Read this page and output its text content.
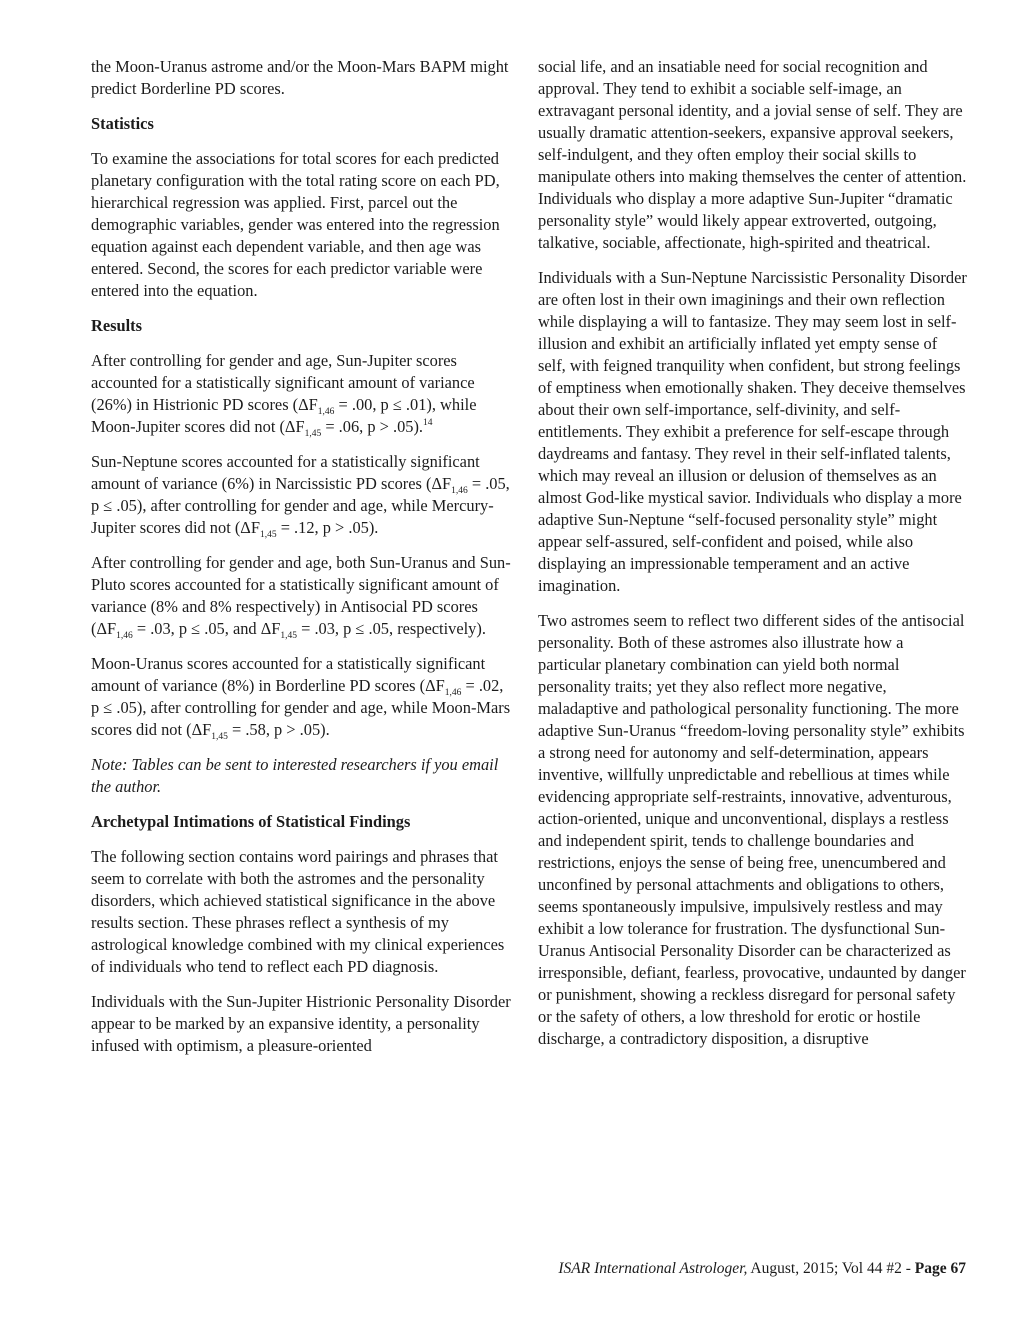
the Moon-Uranus astrome and/or the Moon-Mars BAPM might predict Borderline PD scores.

Statistics

To examine the associations for total scores for each predicted planetary configuration with the total rating score on each PD, hierarchical regression was applied. First, parcel out the demographic variables, gender was entered into the regression equation against each dependent variable, and then age was entered. Second, the scores for each predictor variable were entered into the equation.

Results

After controlling for gender and age, Sun-Jupiter scores accounted for a statistically significant amount of variance (26%) in Histrionic PD scores ($\Delta F_{1,46} = .00$, p ≤ .01), while Moon-Jupiter scores did not ($\Delta F_{1,45} = .06$, p > .05).$^{14}$

Sun-Neptune scores accounted for a statistically significant amount of variance (6%) in Narcissistic PD scores ($\Delta F_{1,46} = .05$, p ≤ .05), after controlling for gender and age, while Mercury-Jupiter scores did not ($\Delta F_{1,45} = .12$, p > .05).

After controlling for gender and age, both Sun-Uranus and Sun-Pluto scores accounted for a statistically significant amount of variance (8% and 8% respectively) in Antisocial PD scores ($\Delta F_{1,46} = .03$, p ≤ .05, and $\Delta F_{1,45} = .03$, p ≤ .05, respectively).

Moon-Uranus scores accounted for a statistically significant amount of variance (8%) in Borderline PD scores ($\Delta F_{1,46} = .02$, p ≤ .05), after controlling for gender and age, while Moon-Mars scores did not ($\Delta F_{1,45} = .58$, p > .05).

Note: Tables can be sent to interested researchers if you email the author.

Archetypal Intimations of Statistical Findings

The following section contains word pairings and phrases that seem to correlate with both the astromes and the personality disorders, which achieved statistical significance in the above results section. These phrases reflect a synthesis of my astrological knowledge combined with my clinical experiences of individuals who tend to reflect each PD diagnosis.

Individuals with the Sun-Jupiter Histrionic Personality Disorder appear to be marked by an expansive identity, a personality infused with optimism, a pleasure-oriented

social life, and an insatiable need for social recognition and approval. They tend to exhibit a sociable self-image, an extravagant personal identity, and a jovial sense of self. They are usually dramatic attention-seekers, expansive approval seekers, self-indulgent, and they often employ their social skills to manipulate others into making themselves the center of attention. Individuals who display a more adaptive Sun-Jupiter “dramatic personality style” would likely appear extroverted, outgoing, talkative, sociable, affectionate, high-spirited and theatrical.

Individuals with a Sun-Neptune Narcissistic Personality Disorder are often lost in their own imaginings and their own reflection while displaying a will to fantasize. They may seem lost in self-illusion and exhibit an artificially inflated yet empty sense of self, with feigned tranquility when confident, but strong feelings of emptiness when emotionally shaken. They deceive themselves about their own self-importance, self-divinity, and self-entitlements. They exhibit a preference for self-escape through daydreams and fantasy. They revel in their self-inflated talents, which may reveal an illusion or delusion of themselves as an almost God-like mystical savior. Individuals who display a more adaptive Sun-Neptune “self-focused personality style” might appear self-assured, self-confident and poised, while also displaying an impressionable temperament and an active imagination.

Two astromes seem to reflect two different sides of the antisocial personality. Both of these astromes also illustrate how a particular planetary combination can yield both normal personality traits; yet they also reflect more negative, maladaptive and pathological personality functioning. The more adaptive Sun-Uranus “freedom-loving personality style” exhibits a strong need for autonomy and self-determination, appears inventive, willfully unpredictable and rebellious at times while evidencing appropriate self-restraints, innovative, adventurous, action-oriented, unique and unconventional, displays a restless and independent spirit, tends to challenge boundaries and restrictions, enjoys the sense of being free, unencumbered and unconfined by personal attachments and obligations to others, seems spontaneously impulsive, impulsively restless and may exhibit a low tolerance for frustration. The dysfunctional Sun-Uranus Antisocial Personality Disorder can be characterized as irresponsible, defiant, fearless, provocative, undaunted by danger or punishment, showing a reckless disregard for personal safety or the safety of others, a low threshold for erotic or hostile discharge, a contradictory disposition, a disruptive

ISAR International Astrologer, August, 2015; Vol 44 #2 - Page 67
